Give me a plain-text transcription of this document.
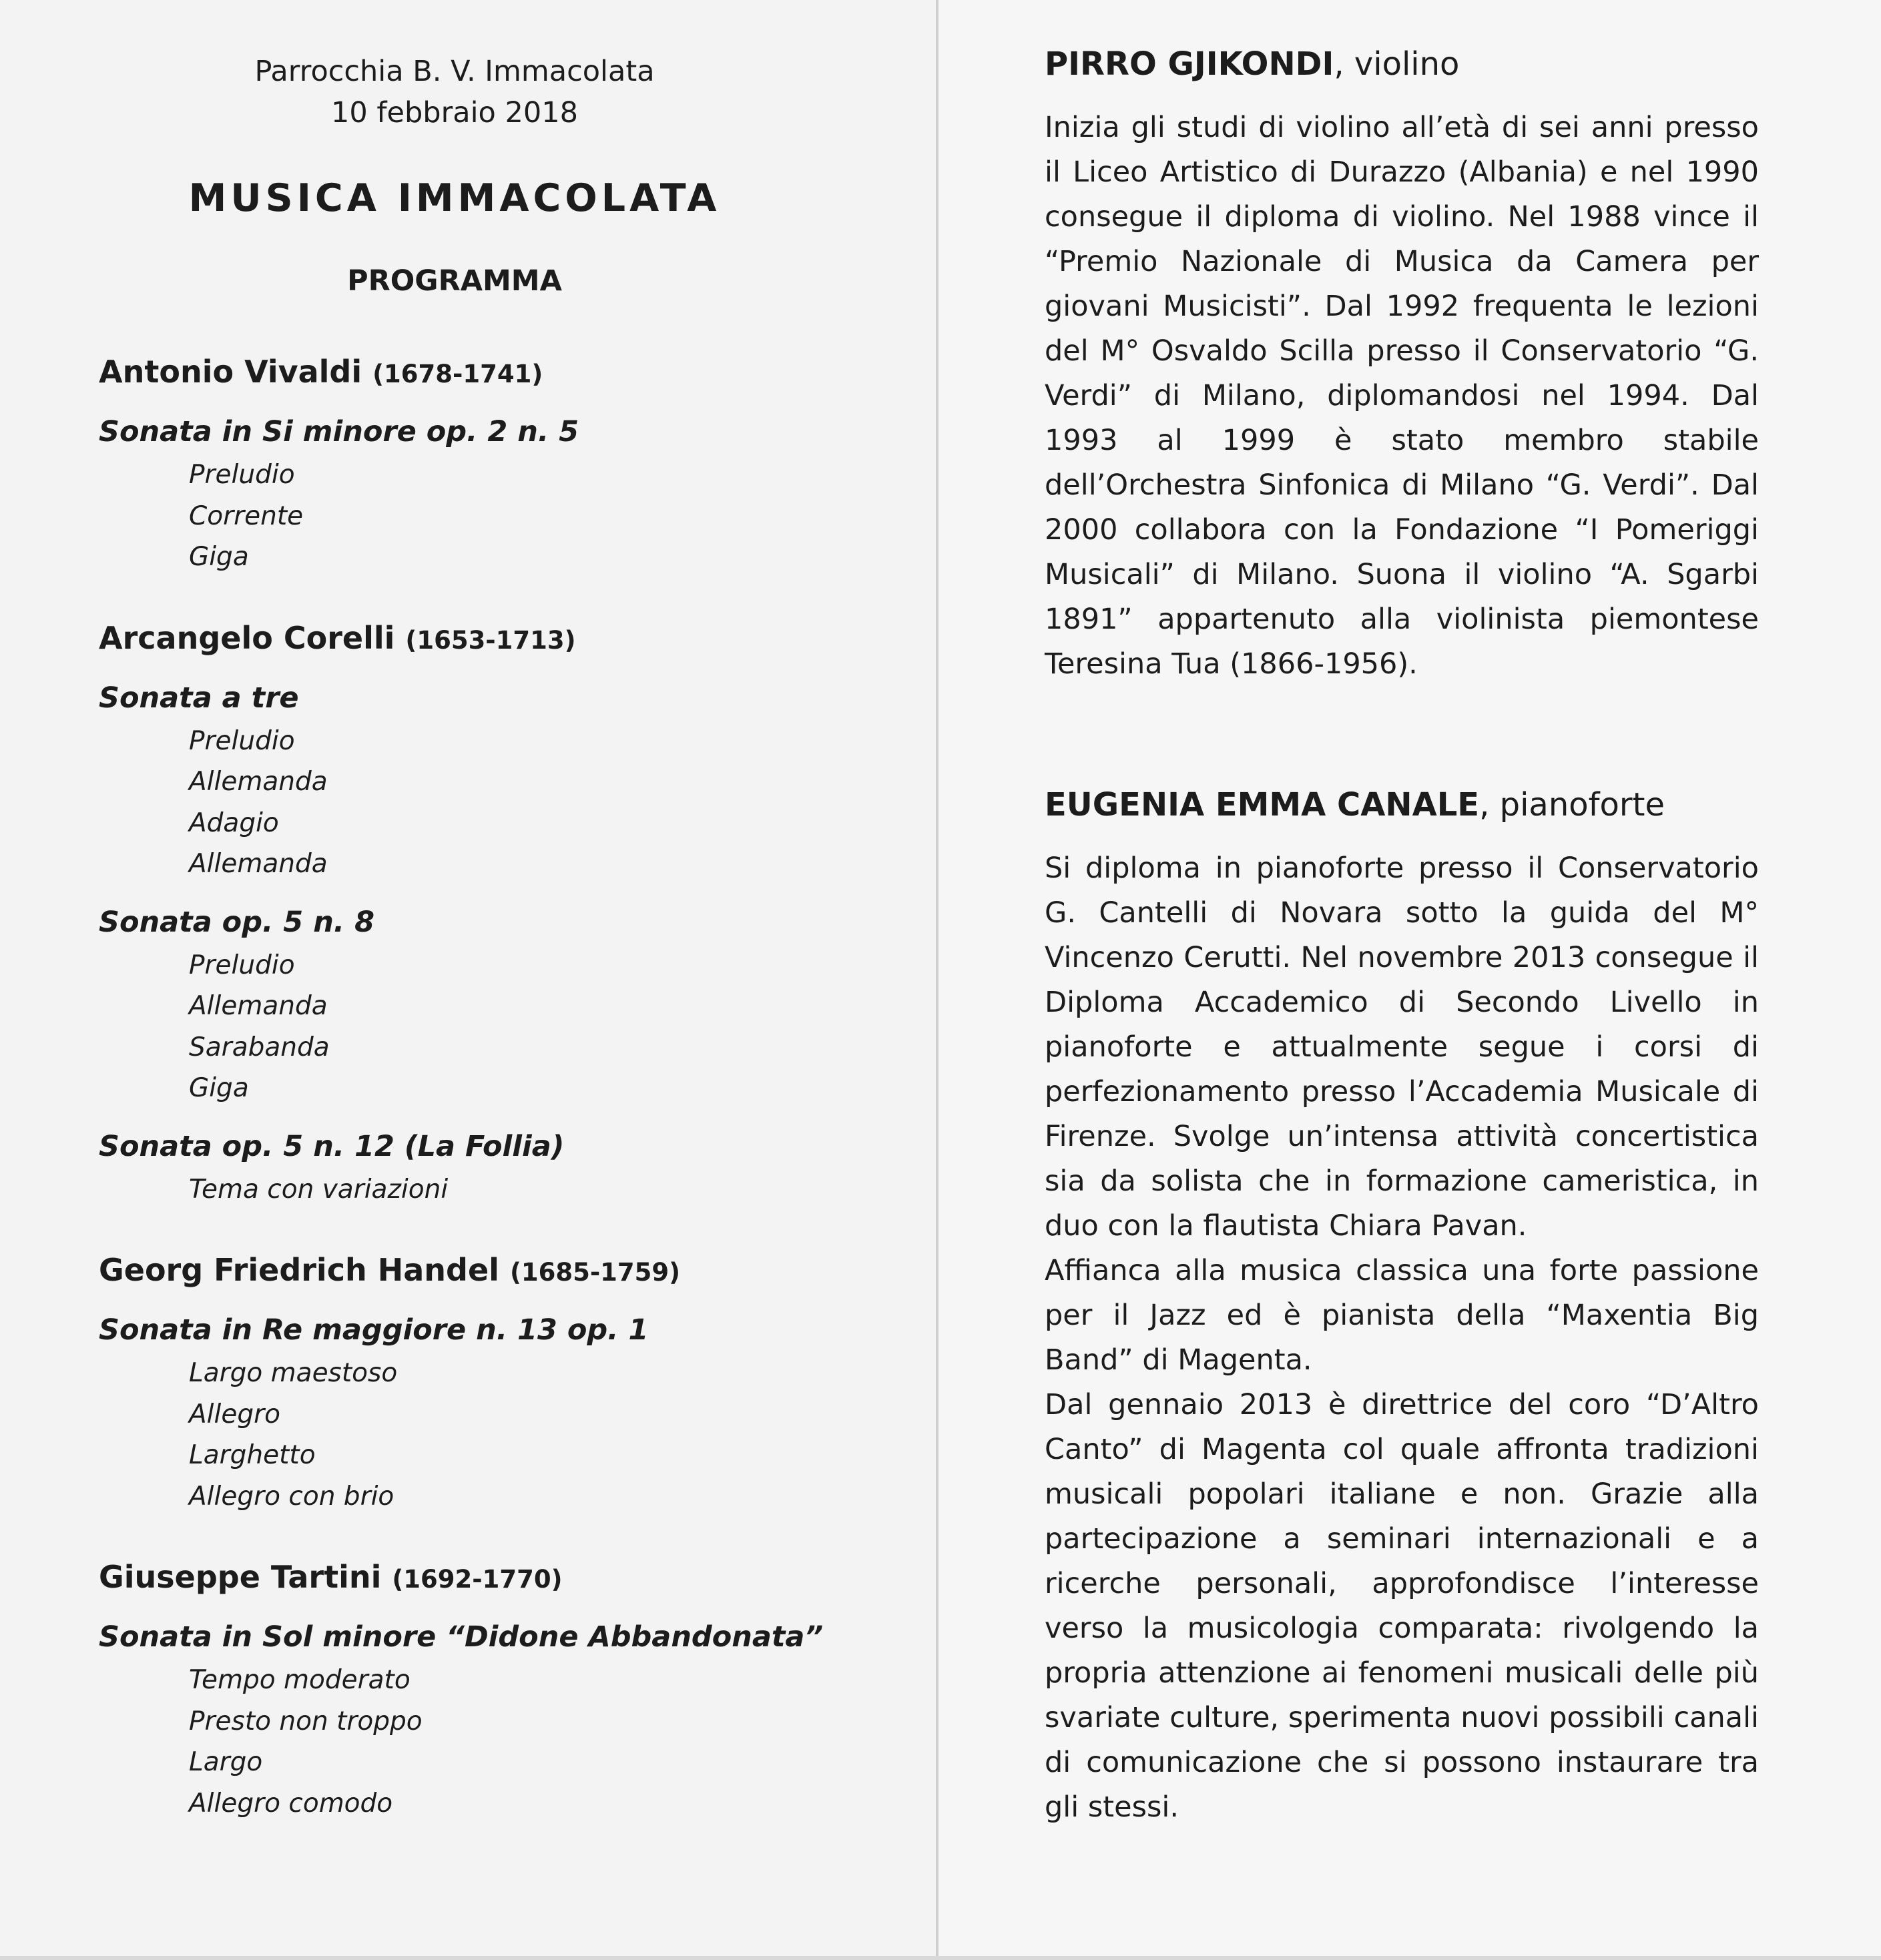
Parrocchia B. V. Immacolata
10 febbraio 2018
MUSICA IMMACOLATA
PROGRAMMA
Antonio Vivaldi (1678-1741)
Sonata in Si minore op. 2 n. 5
Preludio
Corrente
Giga
Arcangelo Corelli (1653-1713)
Sonata a tre
Preludio
Allemanda
Adagio
Allemanda
Sonata op. 5 n. 8
Preludio
Allemanda
Sarabanda
Giga
Sonata op. 5 n. 12 (La Follia)
Tema con variazioni
Georg Friedrich Handel (1685-1759)
Sonata in Re maggiore n. 13 op. 1
Largo maestoso
Allegro
Larghetto
Allegro con brio
Giuseppe Tartini (1692-1770)
Sonata in Sol minore “Didone Abbandonata”
Tempo moderato
Presto non troppo
Largo
Allegro comodo
PIRRO GJIKONDI, violino

Inizia gli studi di violino all’età di sei anni presso il Liceo Artistico di Durazzo (Albania) e nel 1990 consegue il diploma di violino. Nel 1988 vince il “Premio Nazionale di Musica da Camera per giovani Musicisti”. Dal 1992 frequenta le lezioni del M° Osvaldo Scilla presso il Conservatorio “G. Verdi” di Milano, diplomandosi nel 1994. Dal 1993 al 1999 è stato membro stabile dell’Orchestra Sinfonica di Milano “G. Verdi”. Dal 2000 collabora con la Fondazione “I Pomeriggi Musicali” di Milano. Suona il violino “A. Sgarbi 1891” appartenuto alla violinista piemontese Teresina Tua (1866-1956).

EUGENIA EMMA CANALE, pianoforte

Si diploma in pianoforte presso il Conservatorio G. Cantelli di Novara sotto la guida del M° Vincenzo Cerutti. Nel novembre 2013 consegue il Diploma Accademico di Secondo Livello in pianoforte e attualmente segue i corsi di perfezionamento presso l’Accademia Musicale di Firenze. Svolge un’intensa attività concertistica sia da solista che in formazione cameristica, in duo con la flautista Chiara Pavan.

Affianca alla musica classica una forte passione per il Jazz ed è pianista della “Maxentia Big Band” di Magenta.

Dal gennaio 2013 è direttrice del coro “D’Altro Canto” di Magenta col quale affronta tradizioni musicali popolari italiane e non. Grazie alla partecipazione a seminari internazionali e a ricerche personali, approfondisce l’interesse verso la musicologia comparata: rivolgendo la propria attenzione ai fenomeni musicali delle più svariate culture, sperimenta nuovi possibili canali di comunicazione che si possono instaurare tra gli stessi.
